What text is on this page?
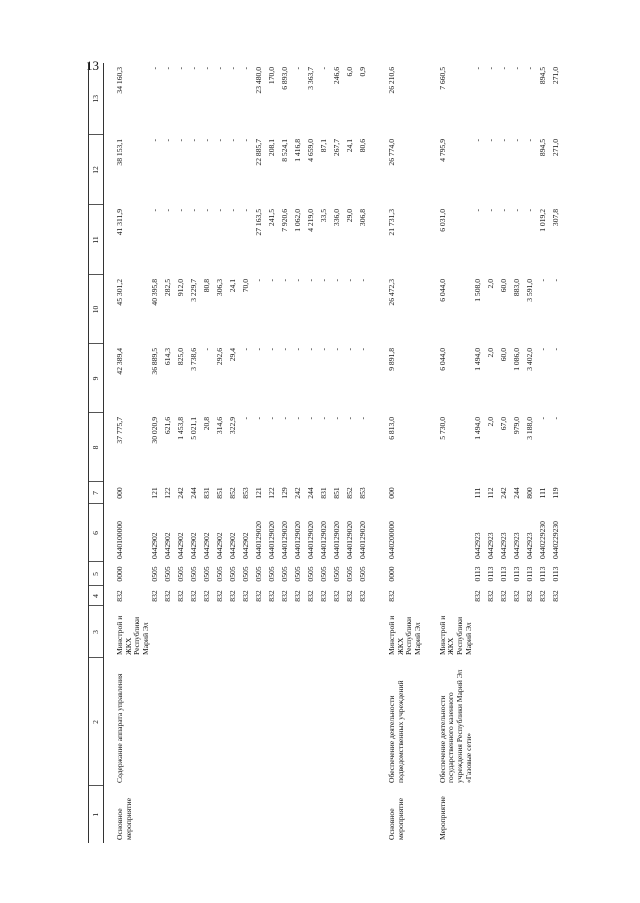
13
1	2	3	4	5	6	7	8	9	10	11	12	13

Основное мероприятие	Содержание аппарата управления	Минстрой и ЖКХ Республики Марий Эл	832	0000	0440100000	000	37 775,7	42 389,4	45 301,2	41 311,9	38 153,1	34 160,3
			832	0505	0442902	121	30 020,9	36 889,5	40 395,8	-	-	-
			832	0505	0442902	122	621,6	614,3	282,5	-	-	-
			832	0505	0442902	242	1 453,8	825,0	912,0	-	-	-
			832	0505	0442902	244	5 021,1	3 738,6	3 229,7	-	-	-
			832	0505	0442902	831	20,8	-	80,8	-	-	-
			832	0505	0442902	851	314,6	292,6	306,3	-	-	-
			832	0505	0442902	852	322,9	29,4	24,1	-	-	-
			832	0505	0442902	853	-	-	70,0	-	-	-
			832	0505	0440129020	121	-	-	-	27 163,5	22 885,7	23 480,0
			832	0505	0440129020	122	-	-	-	241,5	208,1	170,0
			832	0505	0440129020	129	-	-	-	7 920,6	8 524,1	6 893,0
			832	0505	0440129020	242	-	-	-	1 062,0	1 416,8	-
			832	0505	0440129020	244	-	-	-	4 219,0	4 659,0	3 363,7
			832	0505	0440129020	831	-	-	-	33,5	87,1	-
			832	0505	0440129020	851	-	-	-	336,0	267,7	246,6
			832	0505	0440129020	852	-	-	-	29,0	24,1	6,0
			832	0505	0440129020	853	-	-	-	306,8	80,6	0,9

Основное мероприятие	Обеспечение деятельности подведомственных учреждений	Минстрой и ЖКХ Республики Марий Эл	832	0000	0440200000	000	6 813,0	9 891,8	26 472,3	21 731,3	26 774,0	26 210,6

Мероприятие	Обеспечение деятельности государственного казенного учреждения Республики Марий Эл «Газовые сети»	Минстрой и ЖКХ Республики Марий Эл					5 730,0	6 044,0	6 044,0	6 031,0	4 795,9	7 660,5
			832	0113	0442923	111	1 494,0	1 494,0	1 508,0	-	-	-
			832	0113	0442923	112	2,0	2,0	2,0	-	-	-
			832	0113	0442923	242	67,0	60,0	60,0	-	-	-
			832	0113	0442923	244	979,0	1 086,0	883,0	-	-	-
			832	0113	0442923	800	3 188,0	3 402,0	3 591,0	-	-	-
			832	0113	0440229230	111	-	-	-	1 019,2	894,5	894,5
			832	0113	0440229230	119	-	-	-	307,8	271,0	271,0
